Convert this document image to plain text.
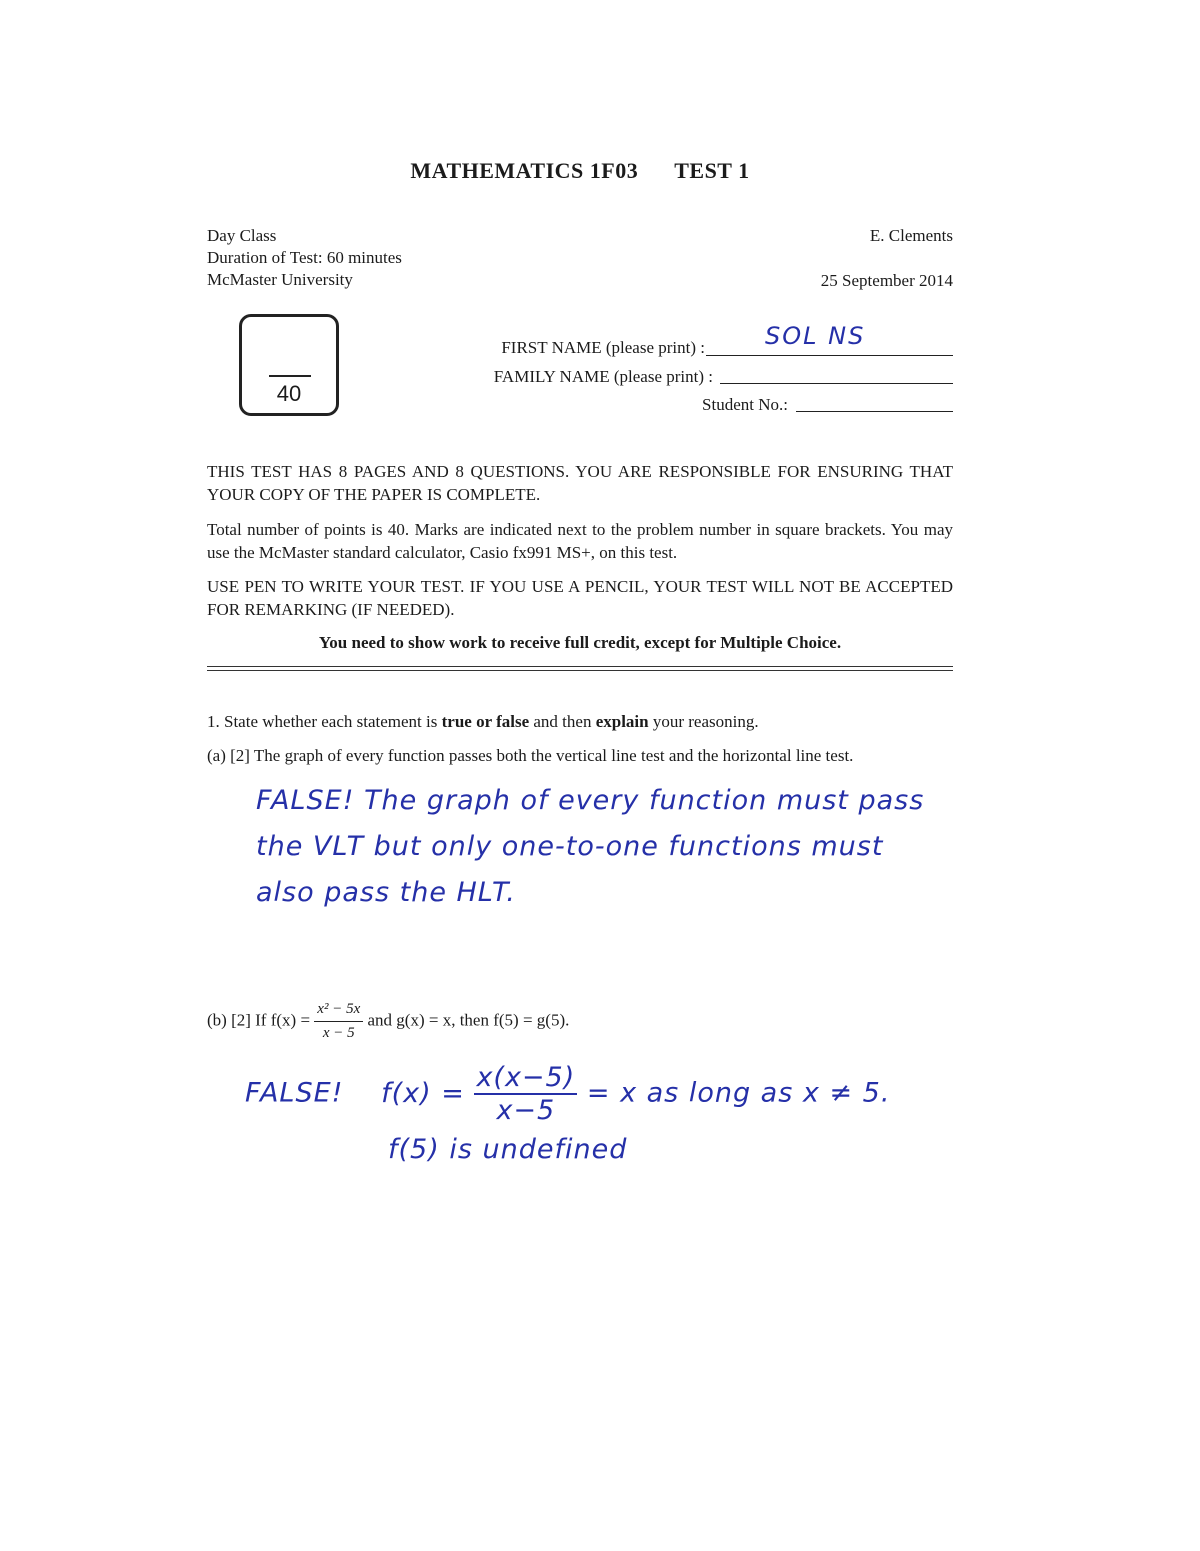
MATHEMATICS 1F03 TEST 1
Day Class
Duration of Test: 60 minutes
McMaster University
E. Clements
25 September 2014
40
FIRST NAME (please print) :	SOL NS
FAMILY NAME (please print) :
Student No.:
THIS TEST HAS 8 PAGES AND 8 QUESTIONS. YOU ARE RESPONSIBLE FOR ENSURING THAT YOUR COPY OF THE PAPER IS COMPLETE.
Total number of points is 40. Marks are indicated next to the problem number in square brackets. You may use the McMaster standard calculator, Casio fx991 MS+, on this test.
USE PEN TO WRITE YOUR TEST. IF YOU USE A PENCIL, YOUR TEST WILL NOT BE ACCEPTED FOR REMARKING (IF NEEDED).
You need to show work to receive full credit, except for Multiple Choice.
1. State whether each statement is true or false and then explain your reasoning.
(a) [2] The graph of every function passes both the vertical line test and the horizontal line test.
FALSE! The graph of every function must pass
the VLT but only one-to-one functions must
also pass the HLT.
(b) [2] If $f(x) = \frac{\text{x² − 5x}}{x - 5}$ and g(x) = x, then f(5) = g(5).
FALSE! $f(x) = \frac{x(x-5)}{x-5} = x$ as long as x ≠ 5.
f(5) is undefined
